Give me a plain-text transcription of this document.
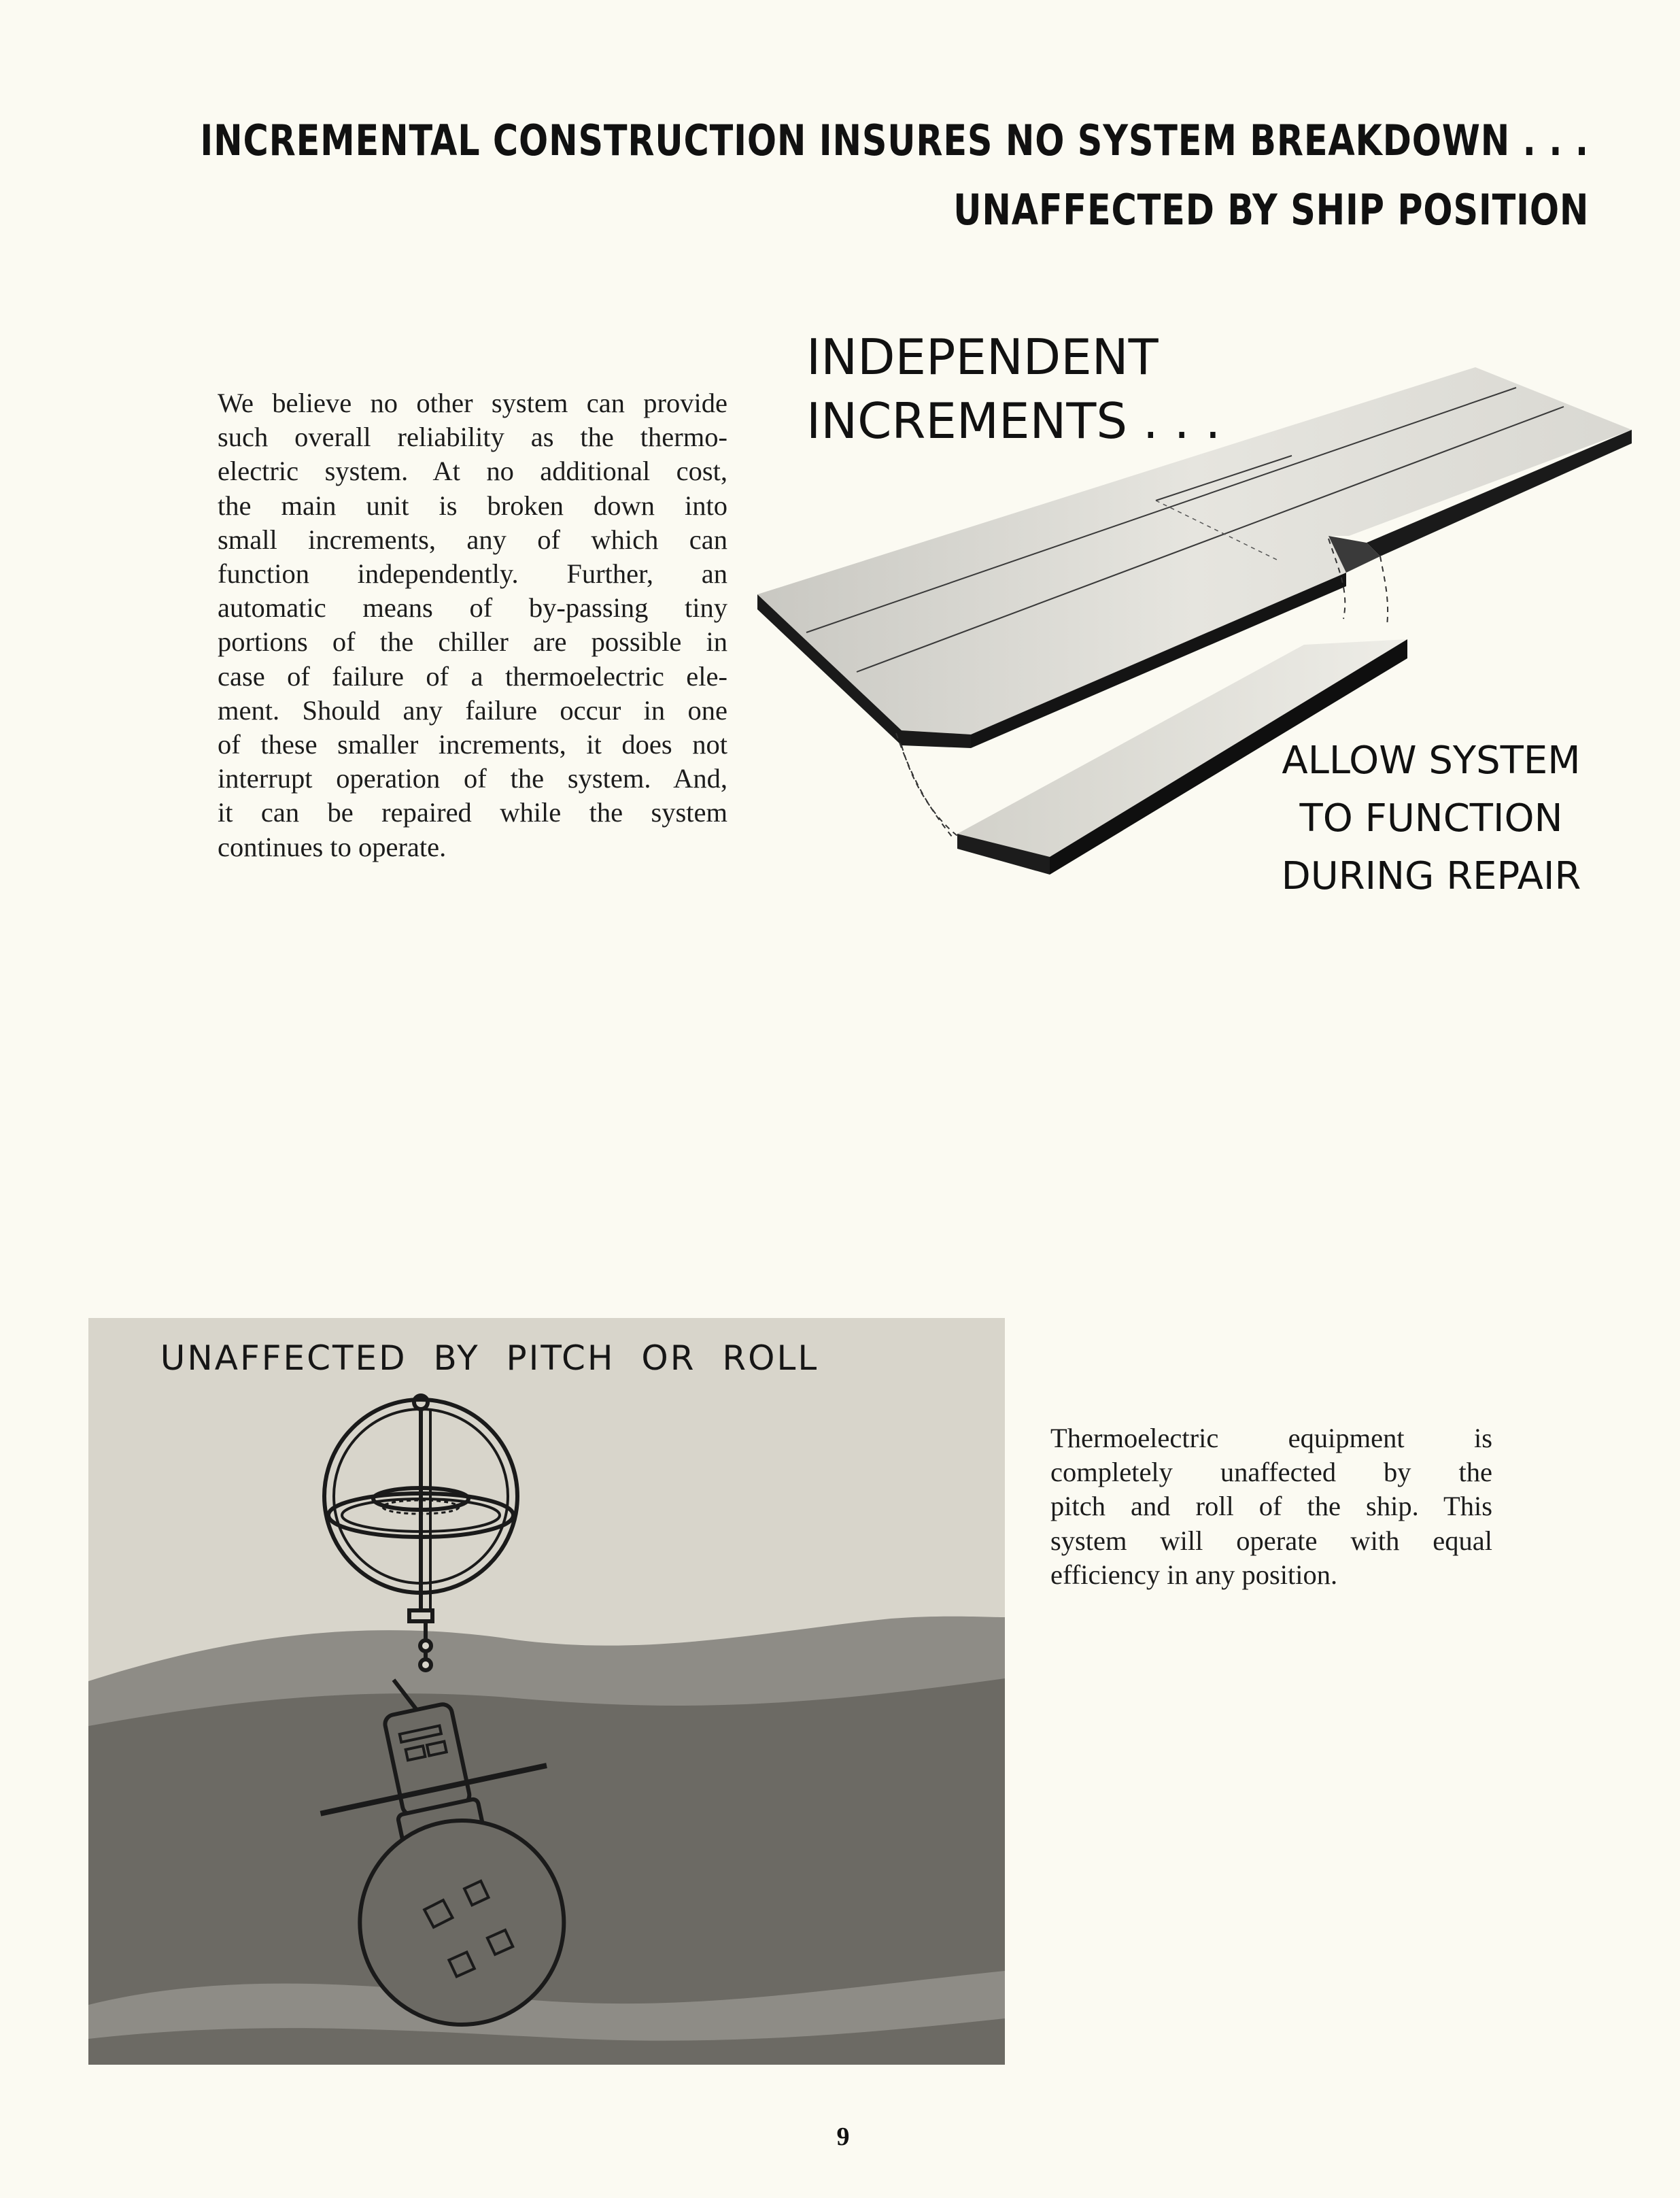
INCREMENTAL CONSTRUCTION INSURES NO SYSTEM BREAKDOWN . . .
UNAFFECTED BY SHIP POSITION
INDEPENDENT
INCREMENTS . . .
ALLOW SYSTEM
TO FUNCTION
DURING REPAIR
We believe no other system can provide
such overall reliability as the thermo-
electric system. At no additional cost,
the main unit is broken down into
small increments, any of which can
function independently. Further, an
automatic means of by-passing tiny
portions of the chiller are possible in
case of failure of a thermoelectric ele-
ment. Should any failure occur in one
of these smaller increments, it does not
interrupt operation of the system. And,
it can be repaired while the system
continues to operate.
UNAFFECTED BY PITCH OR ROLL
Thermoelectric equipment is
completely unaffected by the
pitch and roll of the ship. This
system will operate with equal
efficiency in any position.
9
